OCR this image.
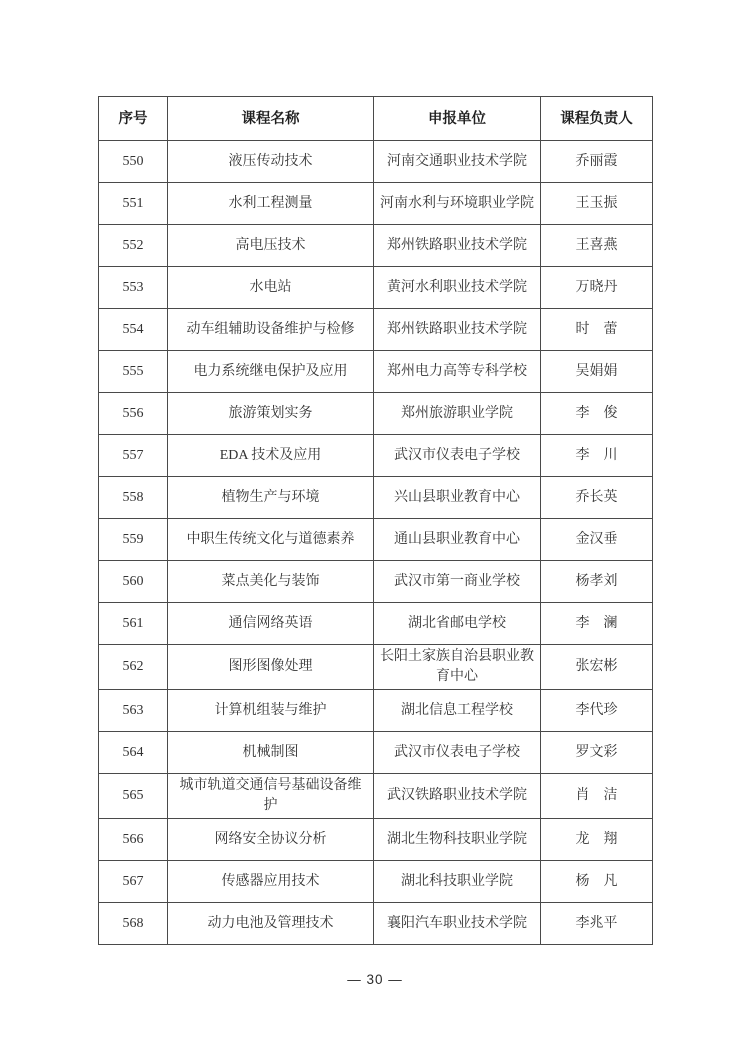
序号	课程名称	申报单位	课程负责人
550	液压传动技术	河南交通职业技术学院	乔丽霞
551	水利工程测量	河南水利与环境职业学院	王玉振
552	高电压技术	郑州铁路职业技术学院	王喜燕
553	水电站	黄河水利职业技术学院	万晓丹
554	动车组辅助设备维护与检修	郑州铁路职业技术学院	时　蕾
555	电力系统继电保护及应用	郑州电力高等专科学校	吴娟娟
556	旅游策划实务	郑州旅游职业学院	李　俊
557	EDA 技术及应用	武汉市仪表电子学校	李　川
558	植物生产与环境	兴山县职业教育中心	乔长英
559	中职生传统文化与道德素养	通山县职业教育中心	金汉垂
560	菜点美化与装饰	武汉市第一商业学校	杨孝刘
561	通信网络英语	湖北省邮电学校	李　澜
562	图形图像处理	长阳土家族自治县职业教育中心	张宏彬
563	计算机组装与维护	湖北信息工程学校	李代珍
564	机械制图	武汉市仪表电子学校	罗文彩
565	城市轨道交通信号基础设备维护	武汉铁路职业技术学院	肖　洁
566	网络安全协议分析	湖北生物科技职业学院	龙　翔
567	传感器应用技术	湖北科技职业学院	杨　凡
568	动力电池及管理技术	襄阳汽车职业技术学院	李兆平
— 30 —
